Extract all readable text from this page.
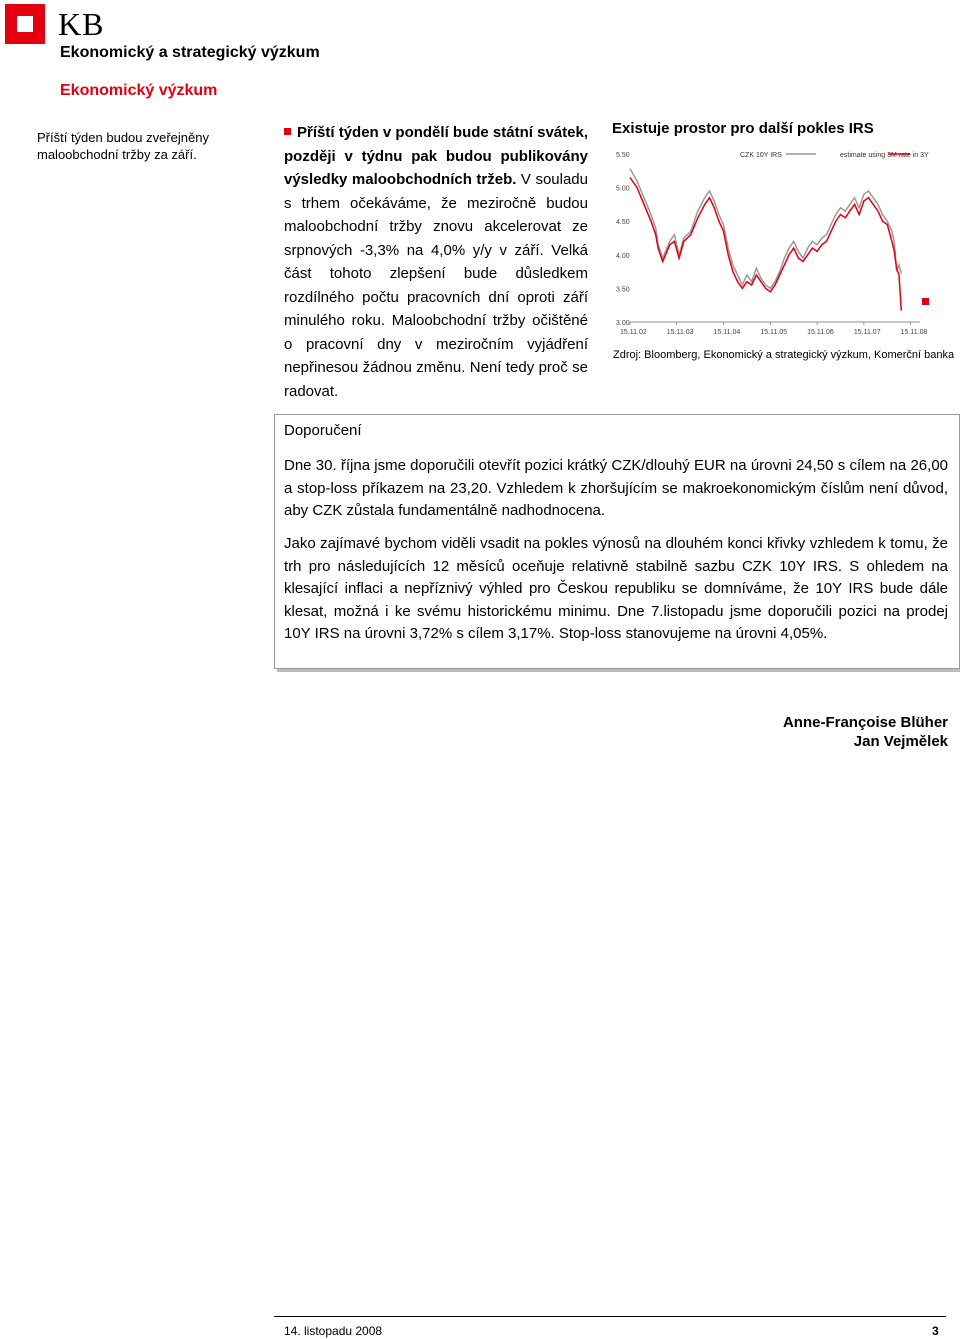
KB
Ekonomický a strategický výzkum
Ekonomický výzkum
Příští týden budou zveřejněny maloobchodní tržby za září.
Příští týden v pondělí bude státní svátek, později v týdnu pak budou publikovány výsledky maloobchodních tržeb. V souladu s trhem očekáváme, že meziročně budou maloobchodní tržby znovu akcelerovat ze srpnových -3,3% na 4,0% y/y v září. Velká část tohoto zlepšení bude důsledkem rozdílného počtu pracovních dní oproti září minulého roku. Maloobchodní tržby očištěné o pracovní dny v meziročním vyjádření nepřinesou žádnou změnu. Není tedy proč se radovat.
Existuje prostor pro další pokles IRS
3.00
3.50
4.00
4.50
5.00
5.50
15.11.02	15.11.03	15.11.04	15.11.05	15.11.06	15.11.07	15.11.08
CZK 10Y IRS	estimate using 3M rate in 3Y
Zdroj: Bloomberg, Ekonomický a strategický výzkum, Komerční banka
Doporučení
Dne 30. října jsme doporučili otevřít pozici krátký CZK/dlouhý EUR na úrovni 24,50 s cílem na 26,00 a stop-loss příkazem na 23,20. Vzhledem k zhoršujícím se makroekonomickým číslům není důvod, aby CZK zůstala fundamentálně nadhodnocena.
Jako zajímavé bychom viděli vsadit na pokles výnosů na dlouhém konci křivky vzhledem k tomu, že trh pro následujících 12 měsíců oceňuje relativně stabilně sazbu CZK 10Y IRS. S ohledem na klesající inflaci a nepříznivý výhled pro Českou republiku se domníváme, že 10Y IRS bude dále klesat, možná i ke svému historickému minimu. Dne 7.listopadu jsme doporučili pozici na prodej 10Y IRS na úrovni 3,72% s cílem 3,17%. Stop-loss stanovujeme na úrovni 4,05%.
Anne-Françoise Blüher
Jan Vejmělek
14. listopadu 2008	3
